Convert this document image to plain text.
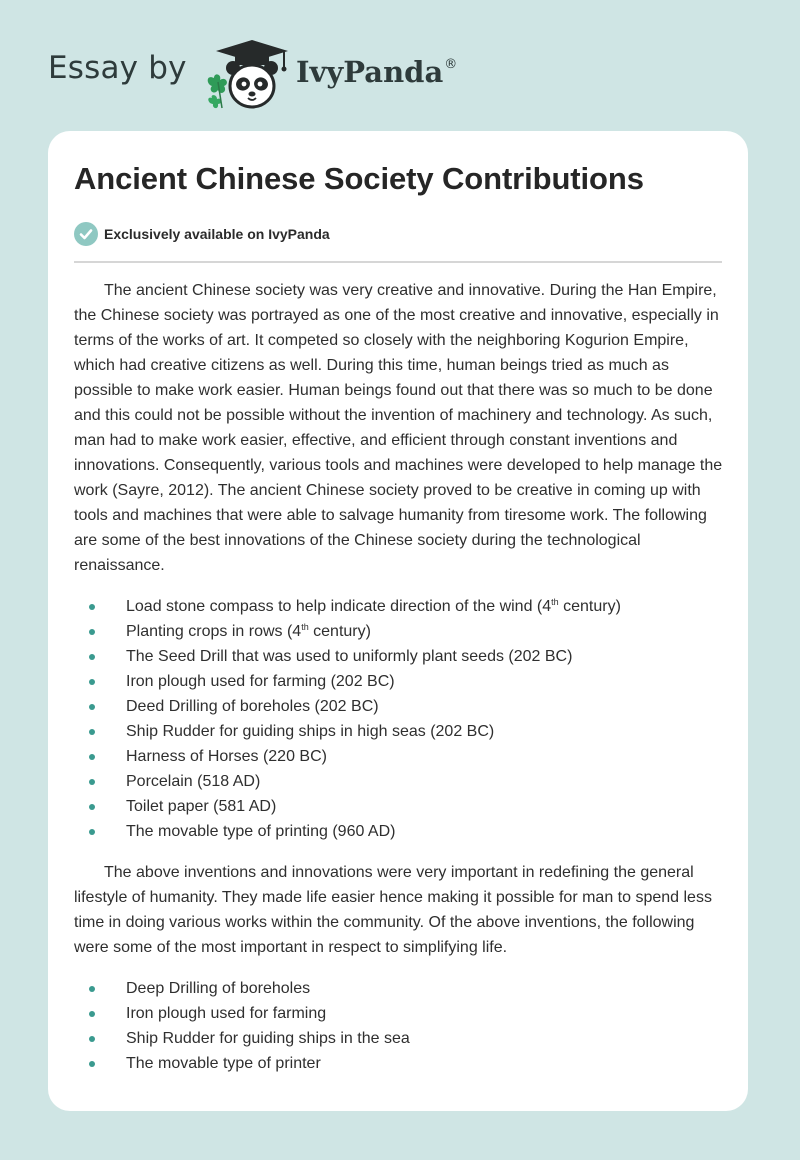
Essay by	IvyPanda®
Ancient Chinese Society Contributions
Exclusively available on IvyPanda

The ancient Chinese society was very creative and innovative. During the Han Empire, the Chinese society was portrayed as one of the most creative and innovative, especially in terms of the works of art. It competed so closely with the neighboring Kogurion Empire, which had creative citizens as well. During this time, human beings tried as much as possible to make work easier. Human beings found out that there was so much to be done and this could not be possible without the invention of machinery and technology. As such, man had to make work easier, effective, and efficient through constant inventions and innovations. Consequently, various tools and machines were developed to help manage the work (Sayre, 2012). The ancient Chinese society proved to be creative in coming up with tools and machines that were able to salvage humanity from tiresome work. The following are some of the best innovations of the Chinese society during the technological renaissance.

Load stone compass to help indicate direction of the wind (4th century)
Planting crops in rows (4th century)
The Seed Drill that was used to uniformly plant seeds (202 BC)
Iron plough used for farming (202 BC)
Deed Drilling of boreholes (202 BC)
Ship Rudder for guiding ships in high seas (202 BC)
Harness of Horses (220 BC)
Porcelain (518 AD)
Toilet paper (581 AD)
The movable type of printing (960 AD)

The above inventions and innovations were very important in redefining the general lifestyle of humanity. They made life easier hence making it possible for man to spend less time in doing various works within the community. Of the above inventions, the following were some of the most important in respect to simplifying life.

Deep Drilling of boreholes
Iron plough used for farming
Ship Rudder for guiding ships in the sea
The movable type of printer
